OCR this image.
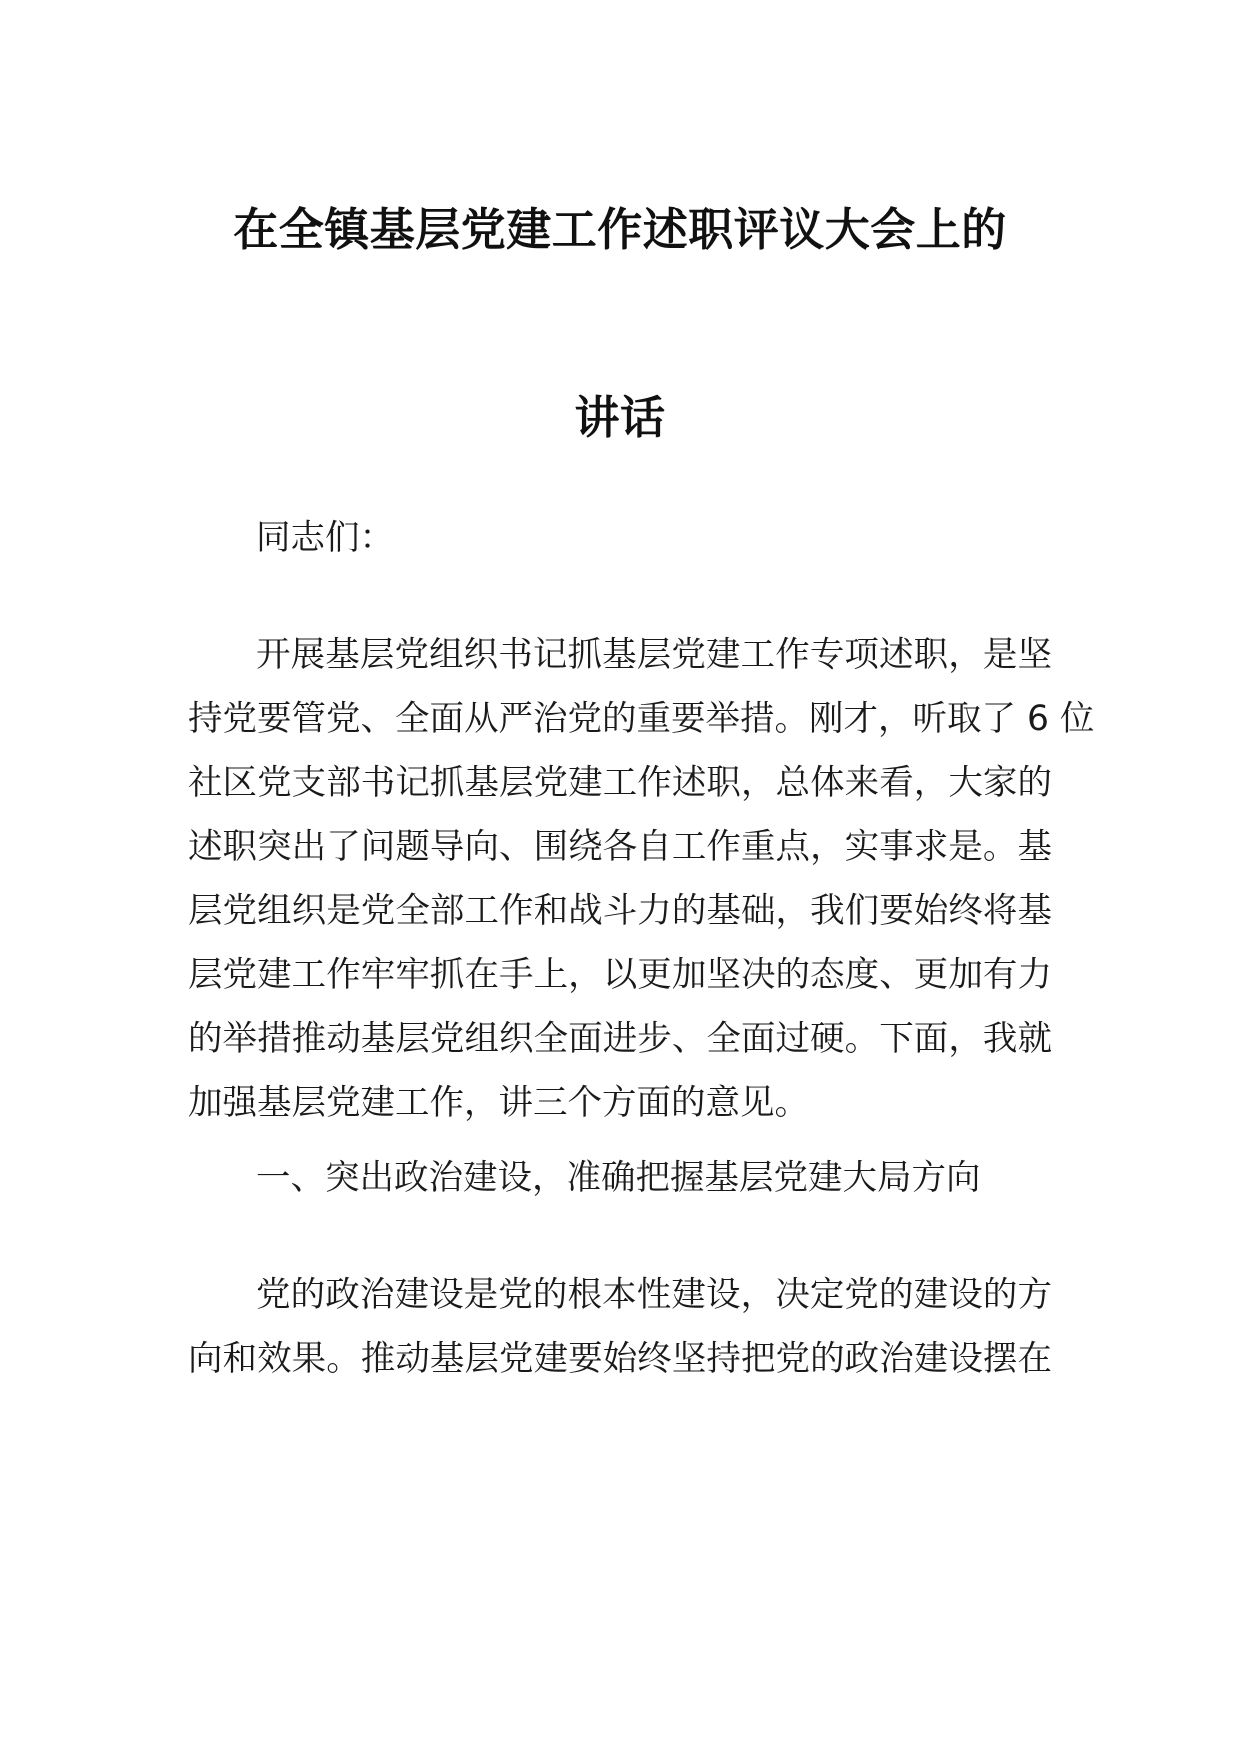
在全镇基层党建工作述职评议大会上的
讲话
同志们：
开展基层党组织书记抓基层党建工作专项述职，是坚
持党要管党、全面从严治党的重要举措。刚才，听取了 6 位
社区党支部书记抓基层党建工作述职，总体来看，大家的
述职突出了问题导向、围绕各自工作重点，实事求是。基
层党组织是党全部工作和战斗力的基础，我们要始终将基
层党建工作牢牢抓在手上，以更加坚决的态度、更加有力
的举措推动基层党组织全面进步、全面过硬。下面，我就
加强基层党建工作，讲三个方面的意见。
一、突出政治建设，准确把握基层党建大局方向
党的政治建设是党的根本性建设，决定党的建设的方
向和效果。推动基层党建要始终坚持把党的政治建设摆在
